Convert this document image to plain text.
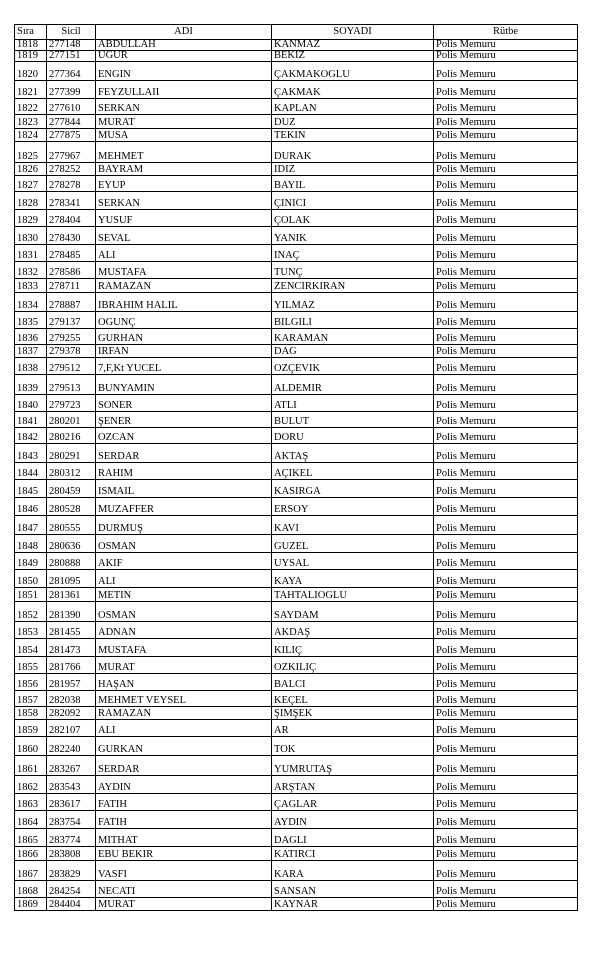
Sıra	Sicil	ADI	SOYADI	Rütbe
1818	277148	ABDULLAH	KANMAZ	Polis Memuru
1819	277151	UGUR	BEKIZ	Polis Memuru
1820	277364	ENGIN	ÇAKMAKOGLU	Polis Memuru
1821	277399	FEYZULLAII	ÇAKMAK	Polis Memuru
1822	277610	SERKAN	KAPLAN	Polis Memuru
1823	277844	MURAT	DUZ	Polis Memuru
1824	277875	MUSA	TEKIN	Polis Memuru
1825	277967	MEHMET	DURAK	Polis Memuru
1826	278252	BAYRAM	IDIZ	Polis Memuru
1827	278278	EYUP	BAYIL	Polis Memuru
1828	278341	SERKAN	ÇINICI	Polis Memuru
1829	278404	YUSUF	ÇOLAK	Polis Memuru
1830	278430	SEVAL	YANIK	Polis Memuru
1831	278485	ALI	INAÇ	Polis Memuru
1832	278586	MUSTAFA	TUNÇ	Polis Memuru
1833	278711	RAMAZAN	ZENCIRKIRAN	Polis Memuru
1834	278887	IBRAHIM HALIL	YILMAZ	Polis Memuru
1835	279137	OGUNÇ	BILGILI	Polis Memuru
1836	279255	GURHAN	KARAMAN	Polis Memuru
1837	279378	IRFAN	DAG	Polis Memuru
1838	279512	7,F,Kt YUCEL	OZÇEVIK	Polis Memuru
1839	279513	BUNYAMIN	ALDEMIR	Polis Memuru
1840	279723	SONER	ATLI	Polis Memuru
1841	280201	ŞENER	BULUT	Polis Memuru
1842	280216	OZCAN	DORU	Polis Memuru
1843	280291	SERDAR	AKTAŞ	Polis Memuru
1844	280312	RAHIM	AÇIKEL	Polis Memuru
1845	280459	ISMAIL	KASIRGA	Polis Memuru
1846	280528	MUZAFFER	ERSOY	Polis Memuru
1847	280555	DURMUŞ	KAVI	Polis Memuru
1848	280636	OSMAN	GUZEL	Polis Memuru
1849	280888	AKIF	UYSAL	Polis Memuru
1850	281095	ALI	KAYA	Polis Memuru
1851	281361	METIN	TAHTALIOGLU	Polis Memuru
1852	281390	OSMAN	SAYDAM	Polis Memuru
1853	281455	ADNAN	AKDAŞ	Polis Memuru
1854	281473	MUSTAFA	KILIÇ	Polis Memuru
1855	281766	MURAT	OZKILIÇ	Polis Memuru
1856	281957	HAŞAN	BALCI	Polis Memuru
1857	282038	MEHMET VEYSEL	KEÇEL	Polis Memuru
1858	282092	RAMAZAN	ŞIMŞEK	Polis Memuru
1859	282107	ALI	AR	Polis Memuru
1860	282240	GURKAN	TOK	Polis Memuru
1861	283267	SERDAR	YUMRUTAŞ	Polis Memuru
1862	283543	AYDIN	ARŞTAN	Polis Memuru
1863	283617	FATIH	ÇAGLAR	Polis Memuru
1864	283754	FATIH	AYDIN	Polis Memuru
1865	283774	MITHAT	DAGLI	Polis Memuru
1866	283808	EBU BEKIR	KATIRCI	Polis Memuru
1867	283829	VASFI	KARA	Polis Memuru
1868	284254	NECATI	SANSAN	Polis Memuru
1869	284404	MURAT	KAYNAR	Polis Memuru
